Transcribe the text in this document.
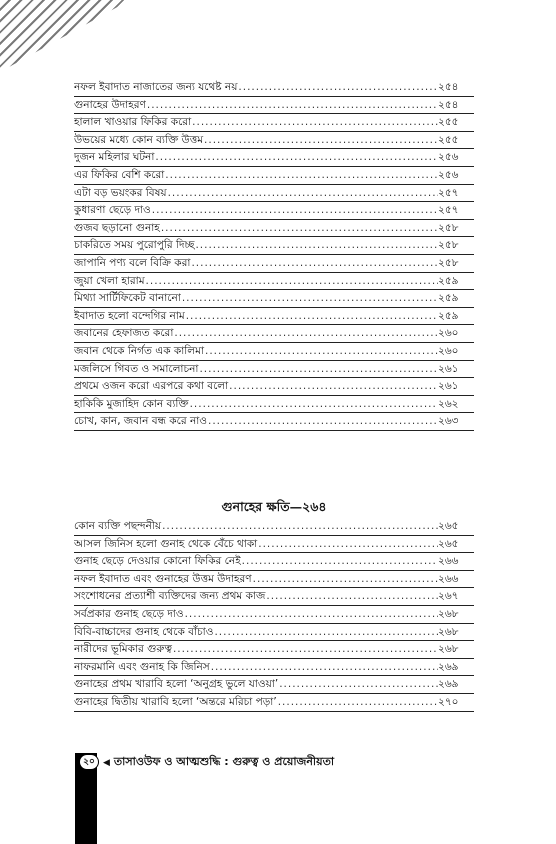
নফল ইবাদাত নাজাতের জন্য যথেষ্ট নয় .....	২৫৪
গুনাহের উদাহরণ .....	২৫৪
হালাল খাওয়ার ফিকির করো .....	২৫৫
উভয়ের মধ্যে কোন ব্যক্তি উত্তম .....	২৫৫
দুজন মহিলার ঘটনা .....	২৫৬
এর ফিকির বেশি করো .....	২৫৬
এটা বড় ভয়ংকর বিষয় .....	২৫৭
কুধারণা ছেড়ে দাও .....	২৫৭
গুজব ছড়ানো গুনাহ .....	২৫৮
চাকরিতে সময় পুরোপুরি দিচ্ছ .....	২৫৮
জাপানি পণ্য বলে বিক্রি করা .....	২৫৮
জুয়া খেলা হারাম .....	২৫৯
মিথ্যা সার্টিফিকেট বানানো .....	২৫৯
ইবাদাত হলো বন্দেগির নাম .....	২৫৯
জবানের হেফাজত করো .....	২৬০
জবান থেকে নির্গত এক কালিমা .....	২৬০
মজলিসে গিবত ও সমালোচনা .....	২৬১
প্রথমে ওজন করো এরপরে কথা বলো .....	২৬১
হাকিকি মুজাহিদ কোন ব্যক্তি .....	২৬২
চোখ, কান, জবান বন্ধ করে নাও .....	২৬৩
গুনাহের ক্ষতি—২৬৪
কোন ব্যক্তি পছন্দনীয় .....	২৬৫
আসল জিনিস হলো গুনাহ থেকে বেঁচে থাকা .....	২৬৫
গুনাহ ছেড়ে দেওয়ার কোনো ফিকির নেই .....	২৬৬
নফল ইবাদাত এবং গুনাহের উত্তম উদাহরণ .....	২৬৬
সংশোধনের প্রত্যাশী ব্যক্তিদের জন্য প্রথম কাজ .....	২৬৭
সর্বপ্রকার গুনাহ ছেড়ে দাও .....	২৬৮
বিবি-বাচ্চাদের গুনাহ থেকে বাঁচাও .....	২৬৮
নারীদের ভূমিকার গুরুত্ব .....	২৬৮
নাফরমানি এবং গুনাহ কি জিনিস .....	২৬৯
গুনাহের প্রথম খারাবি হলো ‘অনুগ্রহ ভুলে যাওয়া’ .....	২৬৯
গুনাহের দ্বিতীয় খারাবি হলো ‘অন্তরে মরিচা পড়া’ .....	২৭০
২০ ◀ তাসাওউফ ও আত্মশুদ্ধি : গুরুত্ব ও প্রয়োজনীয়তা
